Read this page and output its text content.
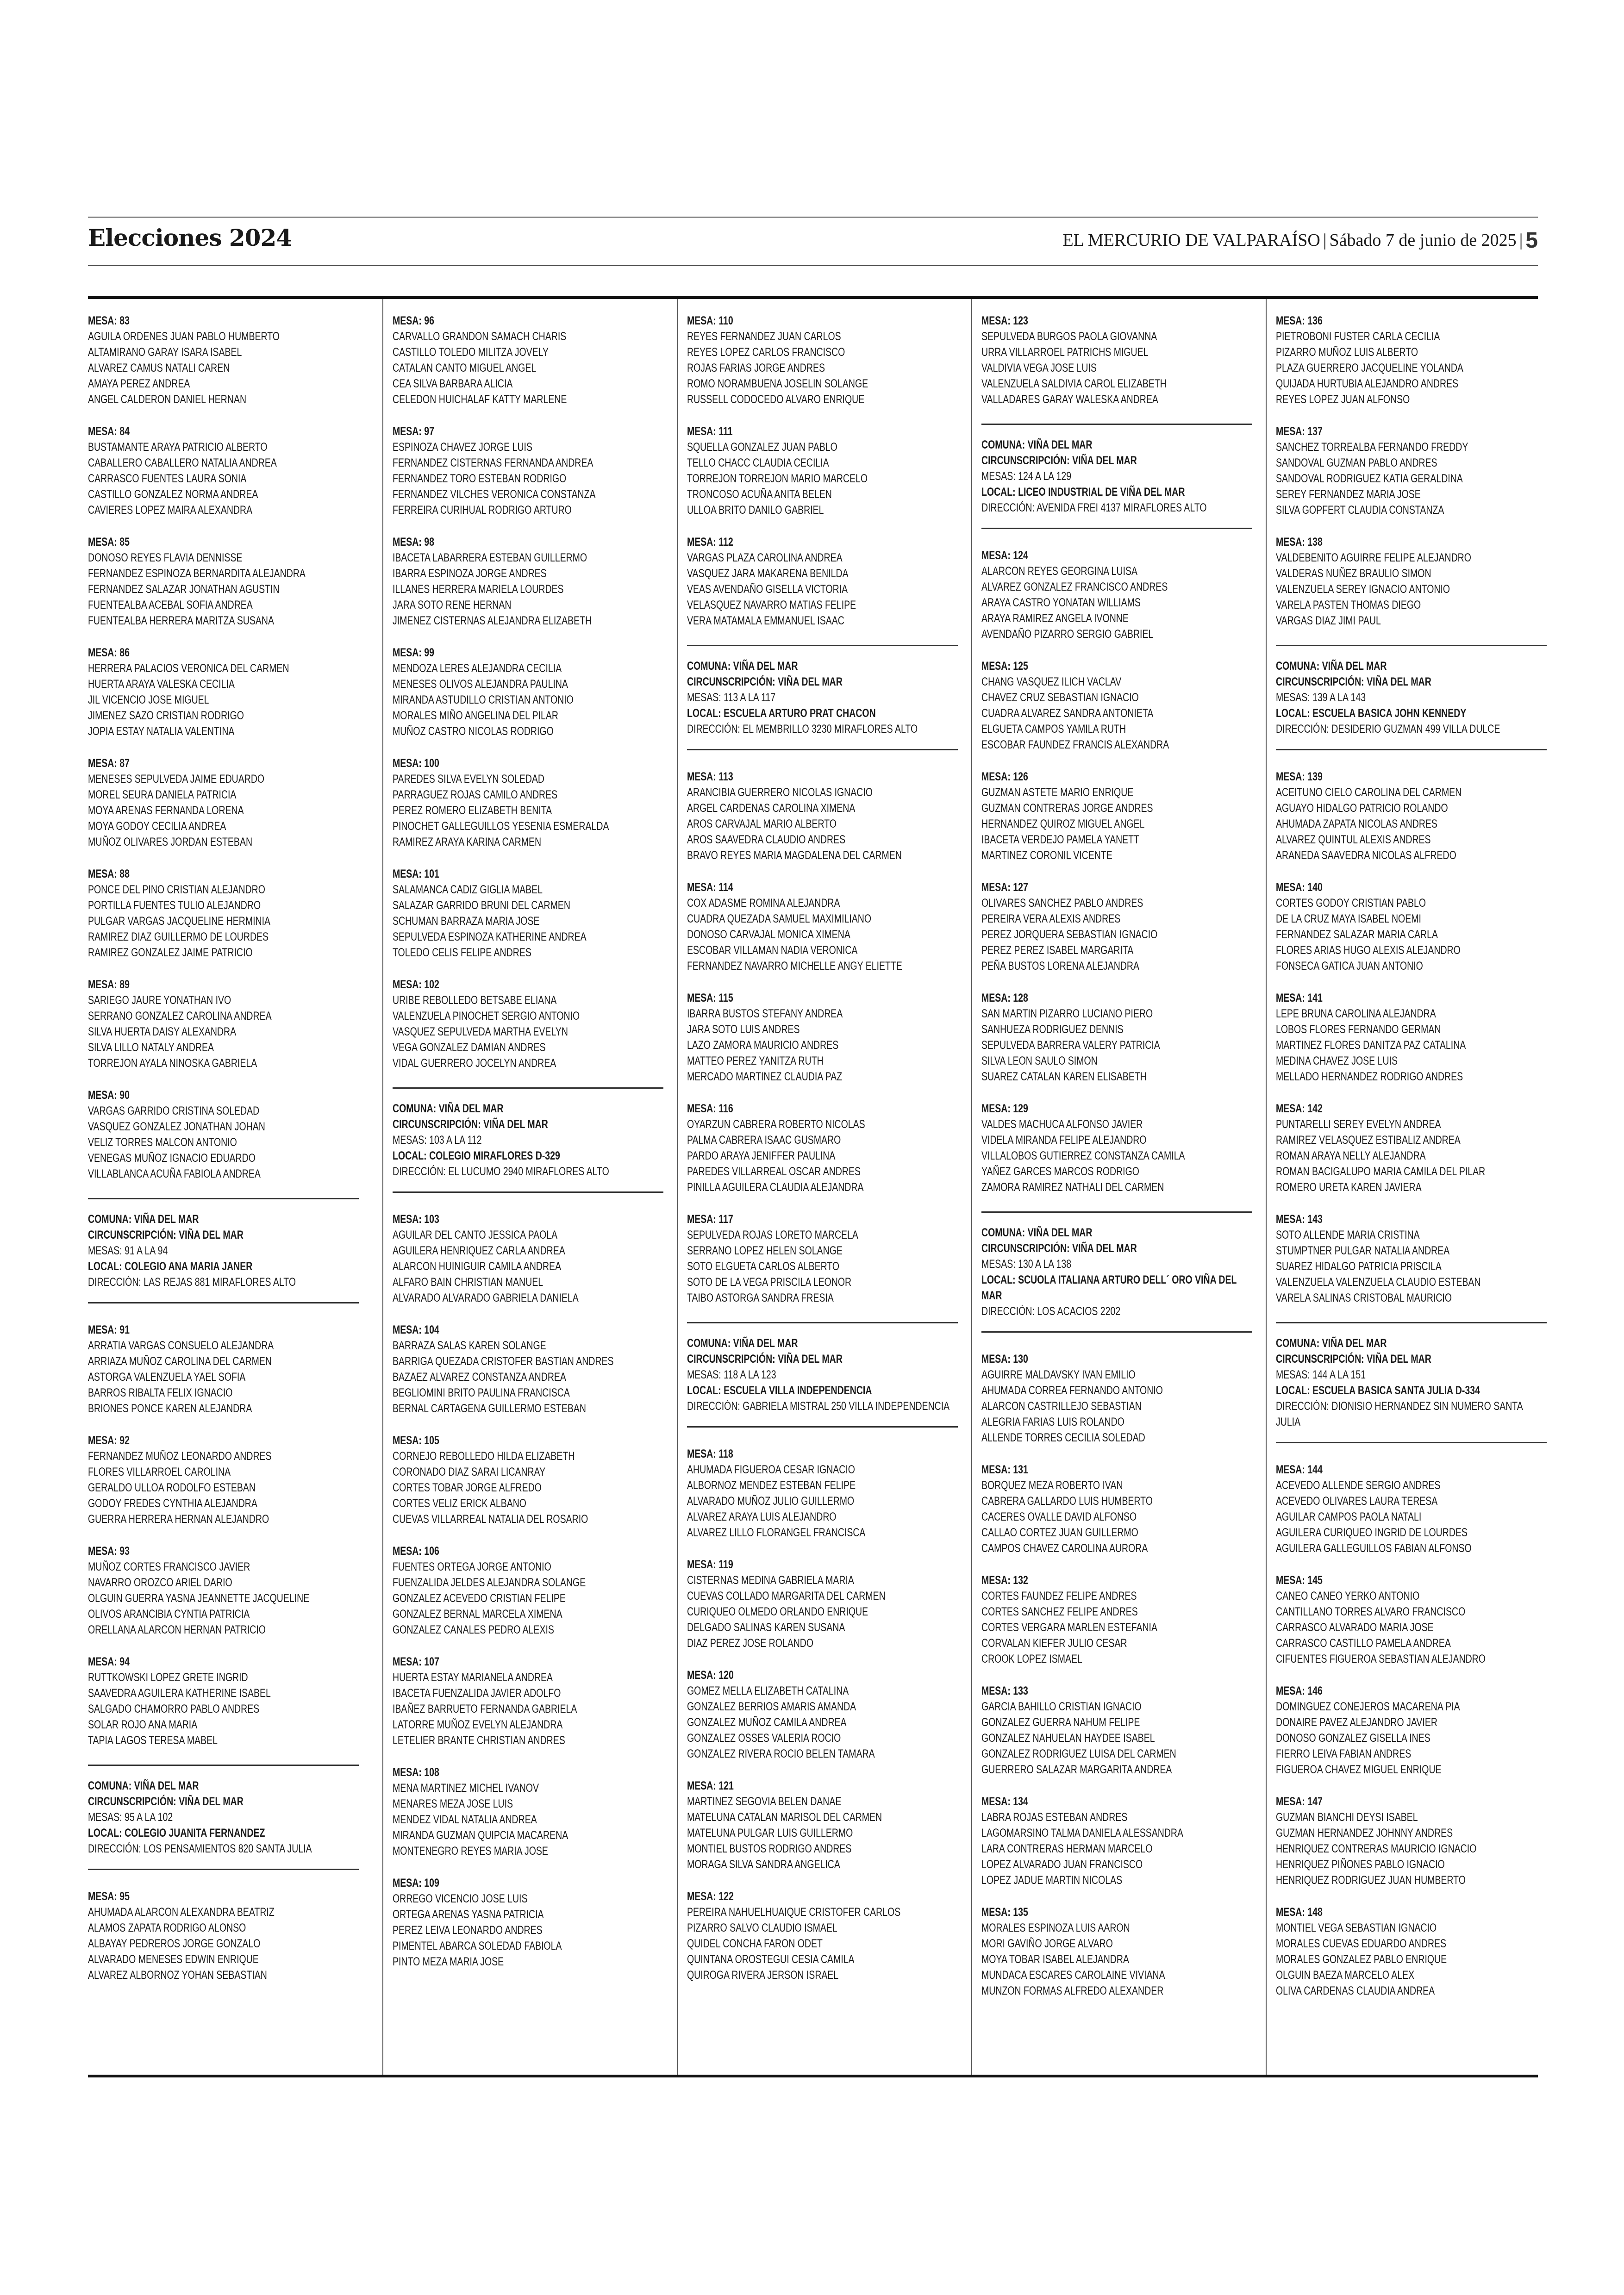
Elecciones 2024	EL MERCURIO DE VALPARAÍSO | Sábado 7 de junio de 2025 | 5
MESA: 83
AGUILA ORDENES JUAN PABLO HUMBERTO
ALTAMIRANO GARAY ISARA ISABEL
ALVAREZ CAMUS NATALI CAREN
AMAYA PEREZ ANDREA
ANGEL CALDERON DANIEL HERNAN
MESA: 84
BUSTAMANTE ARAYA PATRICIO ALBERTO
CABALLERO CABALLERO NATALIA ANDREA
CARRASCO FUENTES LAURA SONIA
CASTILLO GONZALEZ NORMA ANDREA
CAVIERES LOPEZ MAIRA ALEXANDRA
MESA: 85
DONOSO REYES FLAVIA DENNISSE
FERNANDEZ ESPINOZA BERNARDITA ALEJANDRA
FERNANDEZ SALAZAR JONATHAN AGUSTIN
FUENTEALBA ACEBAL SOFIA ANDREA
FUENTEALBA HERRERA MARITZA SUSANA
MESA: 86
HERRERA PALACIOS VERONICA DEL CARMEN
HUERTA ARAYA VALESKA CECILIA
JIL VICENCIO JOSE MIGUEL
JIMENEZ SAZO CRISTIAN RODRIGO
JOPIA ESTAY NATALIA VALENTINA
MESA: 87
MENESES SEPULVEDA JAIME EDUARDO
MOREL SEURA DANIELA PATRICIA
MOYA ARENAS FERNANDA LORENA
MOYA GODOY CECILIA ANDREA
MUÑOZ OLIVARES JORDAN ESTEBAN
MESA: 88
PONCE DEL PINO CRISTIAN ALEJANDRO
PORTILLA FUENTES TULIO ALEJANDRO
PULGAR VARGAS JACQUELINE HERMINIA
RAMIREZ DIAZ GUILLERMO DE LOURDES
RAMIREZ GONZALEZ JAIME PATRICIO
MESA: 89
SARIEGO JAURE YONATHAN IVO
SERRANO GONZALEZ CAROLINA ANDREA
SILVA HUERTA DAISY ALEXANDRA
SILVA LILLO NATALY ANDREA
TORREJON AYALA NINOSKA GABRIELA
MESA: 90
VARGAS GARRIDO CRISTINA SOLEDAD
VASQUEZ GONZALEZ JONATHAN JOHAN
VELIZ TORRES MALCON ANTONIO
VENEGAS MUÑOZ IGNACIO EDUARDO
VILLABLANCA ACUÑA FABIOLA ANDREA
COMUNA: VIÑA DEL MAR
CIRCUNSCRIPCIÓN: VIÑA DEL MAR
MESAS: 91 A LA 94
LOCAL: COLEGIO ANA MARIA JANER
DIRECCIÓN: LAS REJAS 881 MIRAFLORES ALTO
MESA: 91
ARRATIA VARGAS CONSUELO ALEJANDRA
ARRIAZA MUÑOZ CAROLINA DEL CARMEN
ASTORGA VALENZUELA YAEL SOFIA
BARROS RIBALTA FELIX IGNACIO
BRIONES PONCE KAREN ALEJANDRA
MESA: 92
FERNANDEZ MUÑOZ LEONARDO ANDRES
FLORES VILLARROEL CAROLINA
GERALDO ULLOA RODOLFO ESTEBAN
GODOY FREDES CYNTHIA ALEJANDRA
GUERRA HERRERA HERNAN ALEJANDRO
MESA: 93
MUÑOZ CORTES FRANCISCO JAVIER
NAVARRO OROZCO ARIEL DARIO
OLGUIN GUERRA YASNA JEANNETTE JACQUELINE
OLIVOS ARANCIBIA CYNTIA PATRICIA
ORELLANA ALARCON HERNAN PATRICIO
MESA: 94
RUTTKOWSKI LOPEZ GRETE INGRID
SAAVEDRA AGUILERA KATHERINE ISABEL
SALGADO CHAMORRO PABLO ANDRES
SOLAR ROJO ANA MARIA
TAPIA LAGOS TERESA MABEL
COMUNA: VIÑA DEL MAR
CIRCUNSCRIPCIÓN: VIÑA DEL MAR
MESAS: 95 A LA 102
LOCAL: COLEGIO JUANITA FERNANDEZ
DIRECCIÓN: LOS PENSAMIENTOS 820 SANTA JULIA
MESA: 95
AHUMADA ALARCON ALEXANDRA BEATRIZ
ALAMOS ZAPATA RODRIGO ALONSO
ALBAYAY PEDREROS JORGE GONZALO
ALVARADO MENESES EDWIN ENRIQUE
ALVAREZ ALBORNOZ YOHAN SEBASTIAN
MESA: 96
CARVALLO GRANDON SAMACH CHARIS
CASTILLO TOLEDO MILITZA JOVELY
CATALAN CANTO MIGUEL ANGEL
CEA SILVA BARBARA ALICIA
CELEDON HUICHALAF KATTY MARLENE
MESA: 97
ESPINOZA CHAVEZ JORGE LUIS
FERNANDEZ CISTERNAS FERNANDA ANDREA
FERNANDEZ TORO ESTEBAN RODRIGO
FERNANDEZ VILCHES VERONICA CONSTANZA
FERREIRA CURIHUAL RODRIGO ARTURO
MESA: 98
IBACETA LABARRERA ESTEBAN GUILLERMO
IBARRA ESPINOZA JORGE ANDRES
ILLANES HERRERA MARIELA LOURDES
JARA SOTO RENE HERNAN
JIMENEZ CISTERNAS ALEJANDRA ELIZABETH
MESA: 99
MENDOZA LERES ALEJANDRA CECILIA
MENESES OLIVOS ALEJANDRA PAULINA
MIRANDA ASTUDILLO CRISTIAN ANTONIO
MORALES MIÑO ANGELINA DEL PILAR
MUÑOZ CASTRO NICOLAS RODRIGO
MESA: 100
PAREDES SILVA EVELYN SOLEDAD
PARRAGUEZ ROJAS CAMILO ANDRES
PEREZ ROMERO ELIZABETH BENITA
PINOCHET GALLEGUILLOS YESENIA ESMERALDA
RAMIREZ ARAYA KARINA CARMEN
MESA: 101
SALAMANCA CADIZ GIGLIA MABEL
SALAZAR GARRIDO BRUNI DEL CARMEN
SCHUMAN BARRAZA MARIA JOSE
SEPULVEDA ESPINOZA KATHERINE ANDREA
TOLEDO CELIS FELIPE ANDRES
MESA: 102
URIBE REBOLLEDO BETSABE ELIANA
VALENZUELA PINOCHET SERGIO ANTONIO
VASQUEZ SEPULVEDA MARTHA EVELYN
VEGA GONZALEZ DAMIAN ANDRES
VIDAL GUERRERO JOCELYN ANDREA
COMUNA: VIÑA DEL MAR
CIRCUNSCRIPCIÓN: VIÑA DEL MAR
MESAS: 103 A LA 112
LOCAL: COLEGIO MIRAFLORES D-329
DIRECCIÓN: EL LUCUMO 2940 MIRAFLORES ALTO
MESA: 103
AGUILAR DEL CANTO JESSICA PAOLA
AGUILERA HENRIQUEZ CARLA ANDREA
ALARCON HUINIGUIR CAMILA ANDREA
ALFARO BAIN CHRISTIAN MANUEL
ALVARADO ALVARADO GABRIELA DANIELA
MESA: 104
BARRAZA SALAS KAREN SOLANGE
BARRIGA QUEZADA CRISTOFER BASTIAN ANDRES
BAZAEZ ALVAREZ CONSTANZA ANDREA
BEGLIOMINI BRITO PAULINA FRANCISCA
BERNAL CARTAGENA GUILLERMO ESTEBAN
MESA: 105
CORNEJO REBOLLEDO HILDA ELIZABETH
CORONADO DIAZ SARAI LICANRAY
CORTES TOBAR JORGE ALFREDO
CORTES VELIZ ERICK ALBANO
CUEVAS VILLARREAL NATALIA DEL ROSARIO
MESA: 106
FUENTES ORTEGA JORGE ANTONIO
FUENZALIDA JELDES ALEJANDRA SOLANGE
GONZALEZ ACEVEDO CRISTIAN FELIPE
GONZALEZ BERNAL MARCELA XIMENA
GONZALEZ CANALES PEDRO ALEXIS
MESA: 107
HUERTA ESTAY MARIANELA ANDREA
IBACETA FUENZALIDA JAVIER ADOLFO
IBAÑEZ BARRUETO FERNANDA GABRIELA
LATORRE MUÑOZ EVELYN ALEJANDRA
LETELIER BRANTE CHRISTIAN ANDRES
MESA: 108
MENA MARTINEZ MICHEL IVANOV
MENARES MEZA JOSE LUIS
MENDEZ VIDAL NATALIA ANDREA
MIRANDA GUZMAN QUIPCIA MACARENA
MONTENEGRO REYES MARIA JOSE
MESA: 109
ORREGO VICENCIO JOSE LUIS
ORTEGA ARENAS YASNA PATRICIA
PEREZ LEIVA LEONARDO ANDRES
PIMENTEL ABARCA SOLEDAD FABIOLA
PINTO MEZA MARIA JOSE
MESA: 110
REYES FERNANDEZ JUAN CARLOS
REYES LOPEZ CARLOS FRANCISCO
ROJAS FARIAS JORGE ANDRES
ROMO NORAMBUENA JOSELIN SOLANGE
RUSSELL CODOCEDO ALVARO ENRIQUE
MESA: 111
SQUELLA GONZALEZ JUAN PABLO
TELLO CHACC CLAUDIA CECILIA
TORREJON TORREJON MARIO MARCELO
TRONCOSO ACUÑA ANITA BELEN
ULLOA BRITO DANILO GABRIEL
MESA: 112
VARGAS PLAZA CAROLINA ANDREA
VASQUEZ JARA MAKARENA BENILDA
VEAS AVENDAÑO GISELLA VICTORIA
VELASQUEZ NAVARRO MATIAS FELIPE
VERA MATAMALA EMMANUEL ISAAC
COMUNA: VIÑA DEL MAR
CIRCUNSCRIPCIÓN: VIÑA DEL MAR
MESAS: 113 A LA 117
LOCAL: ESCUELA ARTURO PRAT CHACON
DIRECCIÓN: EL MEMBRILLO 3230 MIRAFLORES ALTO
MESA: 113
ARANCIBIA GUERRERO NICOLAS IGNACIO
ARGEL CARDENAS CAROLINA XIMENA
AROS CARVAJAL MARIO ALBERTO
AROS SAAVEDRA CLAUDIO ANDRES
BRAVO REYES MARIA MAGDALENA DEL CARMEN
MESA: 114
COX ADASME ROMINA ALEJANDRA
CUADRA QUEZADA SAMUEL MAXIMILIANO
DONOSO CARVAJAL MONICA XIMENA
ESCOBAR VILLAMAN NADIA VERONICA
FERNANDEZ NAVARRO MICHELLE ANGY ELIETTE
MESA: 115
IBARRA BUSTOS STEFANY ANDREA
JARA SOTO LUIS ANDRES
LAZO ZAMORA MAURICIO ANDRES
MATTEO PEREZ YANITZA RUTH
MERCADO MARTINEZ CLAUDIA PAZ
MESA: 116
OYARZUN CABRERA ROBERTO NICOLAS
PALMA CABRERA ISAAC GUSMARO
PARDO ARAYA JENIFFER PAULINA
PAREDES VILLARREAL OSCAR ANDRES
PINILLA AGUILERA CLAUDIA ALEJANDRA
MESA: 117
SEPULVEDA ROJAS LORETO MARCELA
SERRANO LOPEZ HELEN SOLANGE
SOTO ELGUETA CARLOS ALBERTO
SOTO DE LA VEGA PRISCILA LEONOR
TAIBO ASTORGA SANDRA FRESIA
COMUNA: VIÑA DEL MAR
CIRCUNSCRIPCIÓN: VIÑA DEL MAR
MESAS: 118 A LA 123
LOCAL: ESCUELA VILLA INDEPENDENCIA
DIRECCIÓN: GABRIELA MISTRAL 250 VILLA INDEPENDENCIA
MESA: 118
AHUMADA FIGUEROA CESAR IGNACIO
ALBORNOZ MENDEZ ESTEBAN FELIPE
ALVARADO MUÑOZ JULIO GUILLERMO
ALVAREZ ARAYA LUIS ALEJANDRO
ALVAREZ LILLO FLORANGEL FRANCISCA
MESA: 119
CISTERNAS MEDINA GABRIELA MARIA
CUEVAS COLLADO MARGARITA DEL CARMEN
CURIQUEO OLMEDO ORLANDO ENRIQUE
DELGADO SALINAS KAREN SUSANA
DIAZ PEREZ JOSE ROLANDO
MESA: 120
GOMEZ MELLA ELIZABETH CATALINA
GONZALEZ BERRIOS AMARIS AMANDA
GONZALEZ MUÑOZ CAMILA ANDREA
GONZALEZ OSSES VALERIA ROCIO
GONZALEZ RIVERA ROCIO BELEN TAMARA
MESA: 121
MARTINEZ SEGOVIA BELEN DANAE
MATELUNA CATALAN MARISOL DEL CARMEN
MATELUNA PULGAR LUIS GUILLERMO
MONTIEL BUSTOS RODRIGO ANDRES
MORAGA SILVA SANDRA ANGELICA
MESA: 122
PEREIRA NAHUELHUAIQUE CRISTOFER CARLOS
PIZARRO SALVO CLAUDIO ISMAEL
QUIDEL CONCHA FARON ODET
QUINTANA OROSTEGUI CESIA CAMILA
QUIROGA RIVERA JERSON ISRAEL
MESA: 123
SEPULVEDA BURGOS PAOLA GIOVANNA
URRA VILLARROEL PATRICHS MIGUEL
VALDIVIA VEGA JOSE LUIS
VALENZUELA SALDIVIA CAROL ELIZABETH
VALLADARES GARAY WALESKA ANDREA
COMUNA: VIÑA DEL MAR
CIRCUNSCRIPCIÓN: VIÑA DEL MAR
MESAS: 124 A LA 129
LOCAL: LICEO INDUSTRIAL DE VIÑA DEL MAR
DIRECCIÓN: AVENIDA FREI 4137 MIRAFLORES ALTO
MESA: 124
ALARCON REYES GEORGINA LUISA
ALVAREZ GONZALEZ FRANCISCO ANDRES
ARAYA CASTRO YONATAN WILLIAMS
ARAYA RAMIREZ ANGELA IVONNE
AVENDAÑO PIZARRO SERGIO GABRIEL
MESA: 125
CHANG VASQUEZ ILICH VACLAV
CHAVEZ CRUZ SEBASTIAN IGNACIO
CUADRA ALVAREZ SANDRA ANTONIETA
ELGUETA CAMPOS YAMILA RUTH
ESCOBAR FAUNDEZ FRANCIS ALEXANDRA
MESA: 126
GUZMAN ASTETE MARIO ENRIQUE
GUZMAN CONTRERAS JORGE ANDRES
HERNANDEZ QUIROZ MIGUEL ANGEL
IBACETA VERDEJO PAMELA YANETT
MARTINEZ CORONIL VICENTE
MESA: 127
OLIVARES SANCHEZ PABLO ANDRES
PEREIRA VERA ALEXIS ANDRES
PEREZ JORQUERA SEBASTIAN IGNACIO
PEREZ PEREZ ISABEL MARGARITA
PEÑA BUSTOS LORENA ALEJANDRA
MESA: 128
SAN MARTIN PIZARRO LUCIANO PIERO
SANHUEZA RODRIGUEZ DENNIS
SEPULVEDA BARRERA VALERY PATRICIA
SILVA LEON SAULO SIMON
SUAREZ CATALAN KAREN ELISABETH
MESA: 129
VALDES MACHUCA ALFONSO JAVIER
VIDELA MIRANDA FELIPE ALEJANDRO
VILLALOBOS GUTIERREZ CONSTANZA CAMILA
YAÑEZ GARCES MARCOS RODRIGO
ZAMORA RAMIREZ NATHALI DEL CARMEN
COMUNA: VIÑA DEL MAR
CIRCUNSCRIPCIÓN: VIÑA DEL MAR
MESAS: 130 A LA 138
LOCAL: SCUOLA ITALIANA ARTURO DELL´ ORO VIÑA DEL MAR
DIRECCIÓN: LOS ACACIOS 2202
MESA: 130
AGUIRRE MALDAVSKY IVAN EMILIO
AHUMADA CORREA FERNANDO ANTONIO
ALARCON CASTRILLEJO SEBASTIAN
ALEGRIA FARIAS LUIS ROLANDO
ALLENDE TORRES CECILIA SOLEDAD
MESA: 131
BORQUEZ MEZA ROBERTO IVAN
CABRERA GALLARDO LUIS HUMBERTO
CACERES OVALLE DAVID ALFONSO
CALLAO CORTEZ JUAN GUILLERMO
CAMPOS CHAVEZ CAROLINA AURORA
MESA: 132
CORTES FAUNDEZ FELIPE ANDRES
CORTES SANCHEZ FELIPE ANDRES
CORTES VERGARA MARLEN ESTEFANIA
CORVALAN KIEFER JULIO CESAR
CROOK LOPEZ ISMAEL
MESA: 133
GARCIA BAHILLO CRISTIAN IGNACIO
GONZALEZ GUERRA NAHUM FELIPE
GONZALEZ NAHUELAN HAYDEE ISABEL
GONZALEZ RODRIGUEZ LUISA DEL CARMEN
GUERRERO SALAZAR MARGARITA ANDREA
MESA: 134
LABRA ROJAS ESTEBAN ANDRES
LAGOMARSINO TALMA DANIELA ALESSANDRA
LARA CONTRERAS HERMAN MARCELO
LOPEZ ALVARADO JUAN FRANCISCO
LOPEZ JADUE MARTIN NICOLAS
MESA: 135
MORALES ESPINOZA LUIS AARON
MORI GAVIÑO JORGE ALVARO
MOYA TOBAR ISABEL ALEJANDRA
MUNDACA ESCARES CAROLAINE VIVIANA
MUNZON FORMAS ALFREDO ALEXANDER
MESA: 136
PIETROBONI FUSTER CARLA CECILIA
PIZARRO MUÑOZ LUIS ALBERTO
PLAZA GUERRERO JACQUELINE YOLANDA
QUIJADA HURTUBIA ALEJANDRO ANDRES
REYES LOPEZ JUAN ALFONSO
MESA: 137
SANCHEZ TORREALBA FERNANDO FREDDY
SANDOVAL GUZMAN PABLO ANDRES
SANDOVAL RODRIGUEZ KATIA GERALDINA
SEREY FERNANDEZ MARIA JOSE
SILVA GOPFERT CLAUDIA CONSTANZA
MESA: 138
VALDEBENITO AGUIRRE FELIPE ALEJANDRO
VALDERAS NUÑEZ BRAULIO SIMON
VALENZUELA SEREY IGNACIO ANTONIO
VARELA PASTEN THOMAS DIEGO
VARGAS DIAZ JIMI PAUL
COMUNA: VIÑA DEL MAR
CIRCUNSCRIPCIÓN: VIÑA DEL MAR
MESAS: 139 A LA 143
LOCAL: ESCUELA BASICA JOHN KENNEDY
DIRECCIÓN: DESIDERIO GUZMAN 499 VILLA DULCE
MESA: 139
ACEITUNO CIELO CAROLINA DEL CARMEN
AGUAYO HIDALGO PATRICIO ROLANDO
AHUMADA ZAPATA NICOLAS ANDRES
ALVAREZ QUINTUL ALEXIS ANDRES
ARANEDA SAAVEDRA NICOLAS ALFREDO
MESA: 140
CORTES GODOY CRISTIAN PABLO
DE LA CRUZ MAYA ISABEL NOEMI
FERNANDEZ SALAZAR MARIA CARLA
FLORES ARIAS HUGO ALEXIS ALEJANDRO
FONSECA GATICA JUAN ANTONIO
MESA: 141
LEPE BRUNA CAROLINA ALEJANDRA
LOBOS FLORES FERNANDO GERMAN
MARTINEZ FLORES DANITZA PAZ CATALINA
MEDINA CHAVEZ JOSE LUIS
MELLADO HERNANDEZ RODRIGO ANDRES
MESA: 142
PUNTARELLI SEREY EVELYN ANDREA
RAMIREZ VELASQUEZ ESTIBALIZ ANDREA
ROMAN ARAYA NELLY ALEJANDRA
ROMAN BACIGALUPO MARIA CAMILA DEL PILAR
ROMERO URETA KAREN JAVIERA
MESA: 143
SOTO ALLENDE MARIA CRISTINA
STUMPTNER PULGAR NATALIA ANDREA
SUAREZ HIDALGO PATRICIA PRISCILA
VALENZUELA VALENZUELA CLAUDIO ESTEBAN
VARELA SALINAS CRISTOBAL MAURICIO
COMUNA: VIÑA DEL MAR
CIRCUNSCRIPCIÓN: VIÑA DEL MAR
MESAS: 144 A LA 151
LOCAL: ESCUELA BASICA SANTA JULIA D-334
DIRECCIÓN: DIONISIO HERNANDEZ SIN NUMERO SANTA JULIA
MESA: 144
ACEVEDO ALLENDE SERGIO ANDRES
ACEVEDO OLIVARES LAURA TERESA
AGUILAR CAMPOS PAOLA NATALI
AGUILERA CURIQUEO INGRID DE LOURDES
AGUILERA GALLEGUILLOS FABIAN ALFONSO
MESA: 145
CANEO CANEO YERKO ANTONIO
CANTILLANO TORRES ALVARO FRANCISCO
CARRASCO ALVARADO MARIA JOSE
CARRASCO CASTILLO PAMELA ANDREA
CIFUENTES FIGUEROA SEBASTIAN ALEJANDRO
MESA: 146
DOMINGUEZ CONEJEROS MACARENA PIA
DONAIRE PAVEZ ALEJANDRO JAVIER
DONOSO GONZALEZ GISELLA INES
FIERRO LEIVA FABIAN ANDRES
FIGUEROA CHAVEZ MIGUEL ENRIQUE
MESA: 147
GUZMAN BIANCHI DEYSI ISABEL
GUZMAN HERNANDEZ JOHNNY ANDRES
HENRIQUEZ CONTRERAS MAURICIO IGNACIO
HENRIQUEZ PIÑONES PABLO IGNACIO
HENRIQUEZ RODRIGUEZ JUAN HUMBERTO
MESA: 148
MONTIEL VEGA SEBASTIAN IGNACIO
MORALES CUEVAS EDUARDO ANDRES
MORALES GONZALEZ PABLO ENRIQUE
OLGUIN BAEZA MARCELO ALEX
OLIVA CARDENAS CLAUDIA ANDREA
